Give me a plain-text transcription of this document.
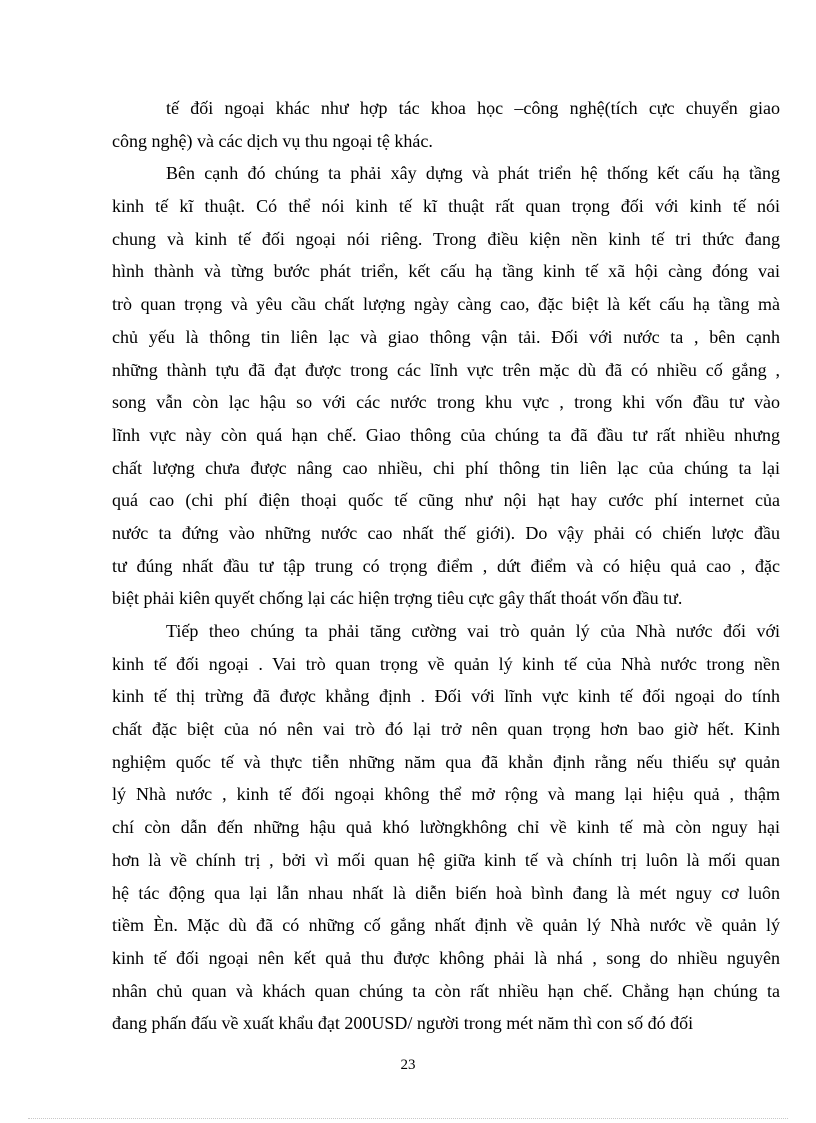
tế đối ngoại khác như hợp tác khoa học –công nghệ(tích cực chuyển giao
công nghệ) và các dịch vụ thu ngoại tệ khác.
Bên cạnh đó chúng ta phải xây dựng và phát triển hệ thống kết cấu hạ tầng
kinh tế kĩ thuật. Có thể nói kinh tế kĩ thuật rất quan trọng đối với kinh tế nói
chung và kinh tế đối ngoại nói riêng. Trong điều kiện nền kinh tế tri thức đang
hình thành và từng bước phát triển, kết cấu hạ tầng kinh tế xã hội càng đóng vai
trò quan trọng và yêu cầu chất lượng ngày càng cao, đặc biệt là kết cấu hạ tầng mà
chủ yếu là thông tin liên lạc và giao thông vận tải. Đối với nước ta , bên cạnh
những thành tựu đã đạt được trong các lĩnh vực trên mặc dù đã có nhiều cố gắng ,
song vẫn còn lạc hậu so với các nước trong khu vực , trong khi vốn đầu tư vào
lĩnh vực này còn quá hạn chế. Giao thông của chúng ta đã đầu tư rất nhiều nhưng
chất lượng chưa được nâng cao nhiều, chi phí thông tin liên lạc của chúng ta lại
quá cao (chi phí điện thoại quốc tế cũng như nội hạt hay cước phí internet của
nước ta đứng vào những nước cao nhất thế giới). Do vậy phải có chiến lược đầu
tư đúng nhất đầu tư tập trung có trọng điểm , dứt điểm và có hiệu quả cao , đặc
biệt phải kiên quyết chống lại các hiện trợng tiêu cực gây thất thoát vốn đầu tư.
Tiếp theo chúng ta phải tăng cường vai trò quản lý của Nhà nước đối với
kinh tế đối ngoại . Vai trò quan trọng về quản lý kinh tế của Nhà nước trong nền
kinh tế thị trừng đã được khẳng định . Đối với lĩnh vực kinh tế đối ngoại do tính
chất đặc biệt của nó nên vai trò đó lại trở nên quan trọng hơn bao giờ hết. Kinh
nghiệm quốc tế và thực tiễn những năm qua đã khẳn định rằng nếu thiếu sự quản
lý Nhà nước , kinh tế đối ngoại không thể mở rộng và mang lại hiệu quả , thậm
chí còn dẫn đến những hậu quả khó lườngkhông chỉ về kinh tế mà còn nguy hại
hơn là về chính trị , bởi vì mối quan hệ giữa kinh tế và chính trị luôn là mối quan
hệ tác động qua lại lẫn nhau nhất là diễn biến hoà bình đang là mét nguy cơ luôn
tiềm Èn. Mặc dù đã có những cố gắng nhất định về quản lý Nhà nước về quản lý
kinh tế đối ngoại nên kết quả thu được không phải là nhá , song do nhiều nguyên
nhân chủ quan và khách quan chúng ta còn rất nhiều hạn chế. Chẳng hạn chúng ta
đang phấn đấu về xuất khẩu đạt 200USD/ người trong mét năm thì con số đó đối
23
